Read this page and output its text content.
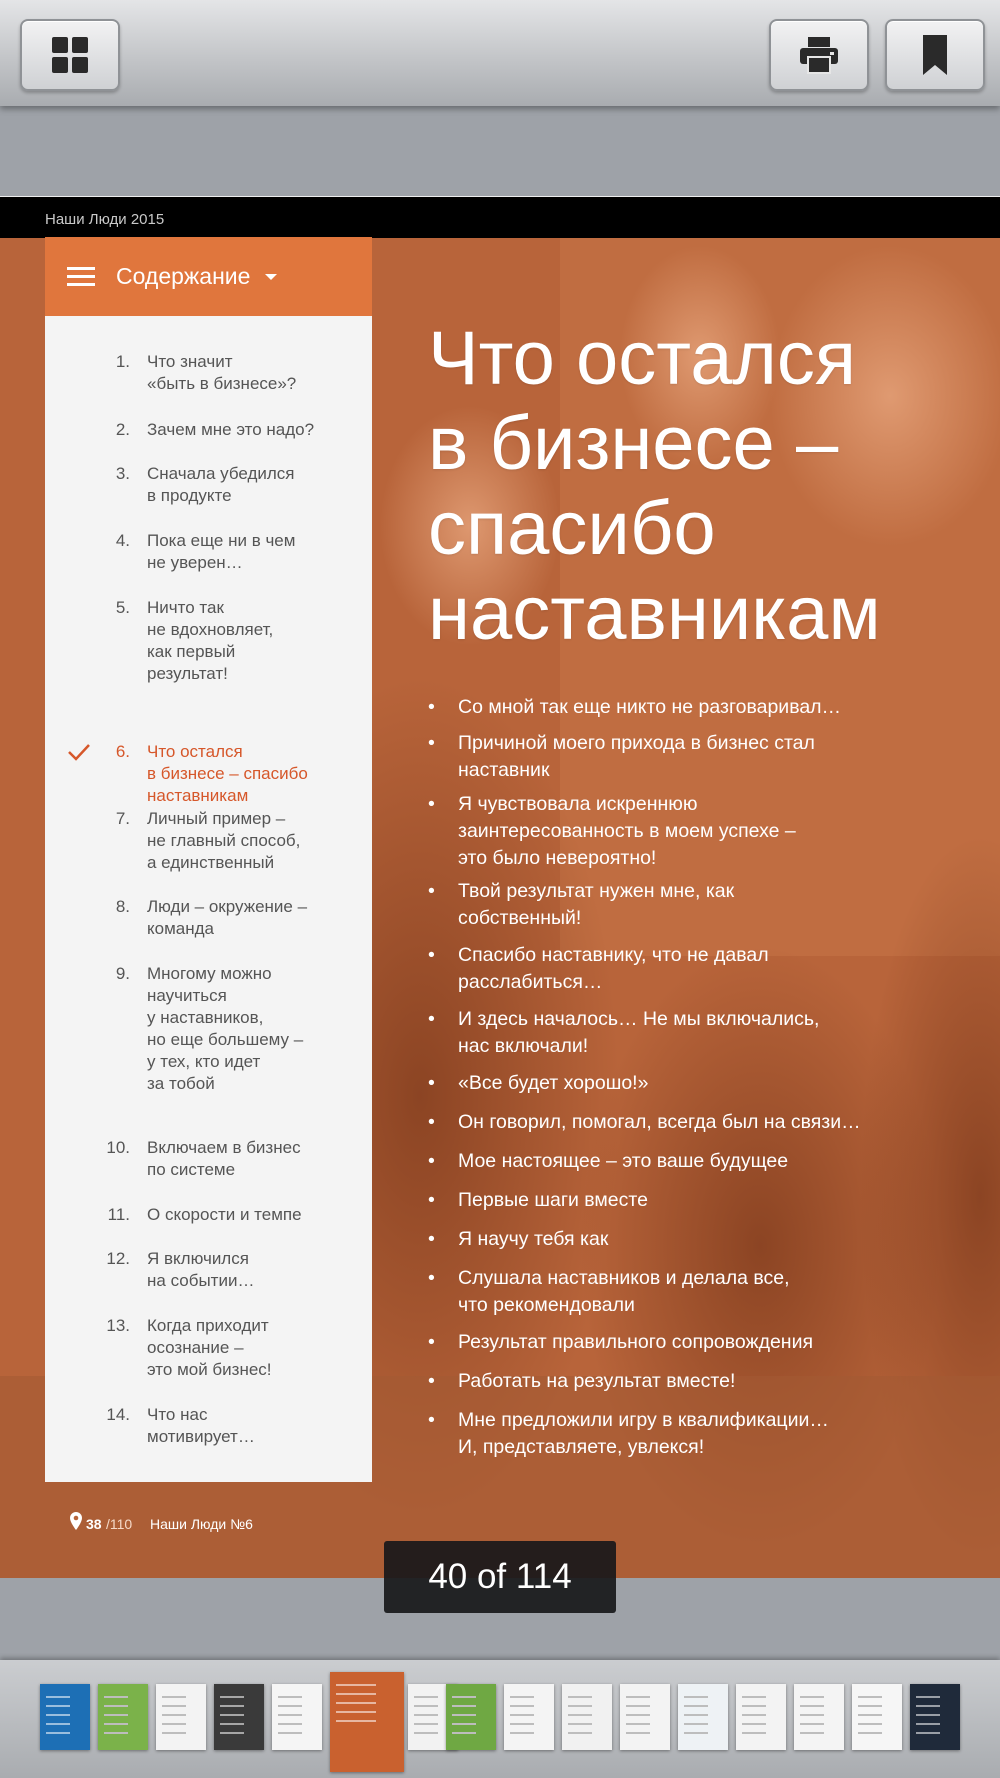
Наши Люди 2015
Содержание
1. Что значит
«быть в бизнесе»?
2. Зачем мне это надо?
3. Сначала убедился
в продукте
4. Пока еще ни в чем
не уверен…
5. Ничто так
не вдохновляет,
как первый
результат!
6. Что остался
в бизнесе – спасибо
наставникам
7. Личный пример –
не главный способ,
а единственный
8. Люди – окружение –
команда
9. Многому можно
научиться
у наставников,
но еще большему –
у тех, кто идет
за тобой
10. Включаем в бизнес
по системе
11. О скорости и темпе
12. Я включился
на событии…
13. Когда приходит
осознание –
это мой бизнес!
14. Что нас
мотивирует…
Что остался
в бизнесе –
спасибо
наставникам
• Со мной так еще никто не разговаривал…
• Причиной моего прихода в бизнес стал
наставник
• Я чувствовала искреннюю
заинтересованность в моем успехе –
это было невероятно!
• Твой результат нужен мне, как
собственный!
• Спасибо наставнику, что не давал
расслабиться…
• И здесь началось… Не мы включались,
нас включали!
• «Все будет хорошо!»
• Он говорил, помогал, всегда был на связи…
• Мое настоящее – это ваше будущее
• Первые шаги вместе
• Я научу тебя как
• Слушала наставников и делала все,
что рекомендовали
• Результат правильного сопровождения
• Работать на результат вместе!
• Мне предложили игру в квалификации…
И, представляете, увлекся!
38 /110 Наши Люди №6
40 of 114
